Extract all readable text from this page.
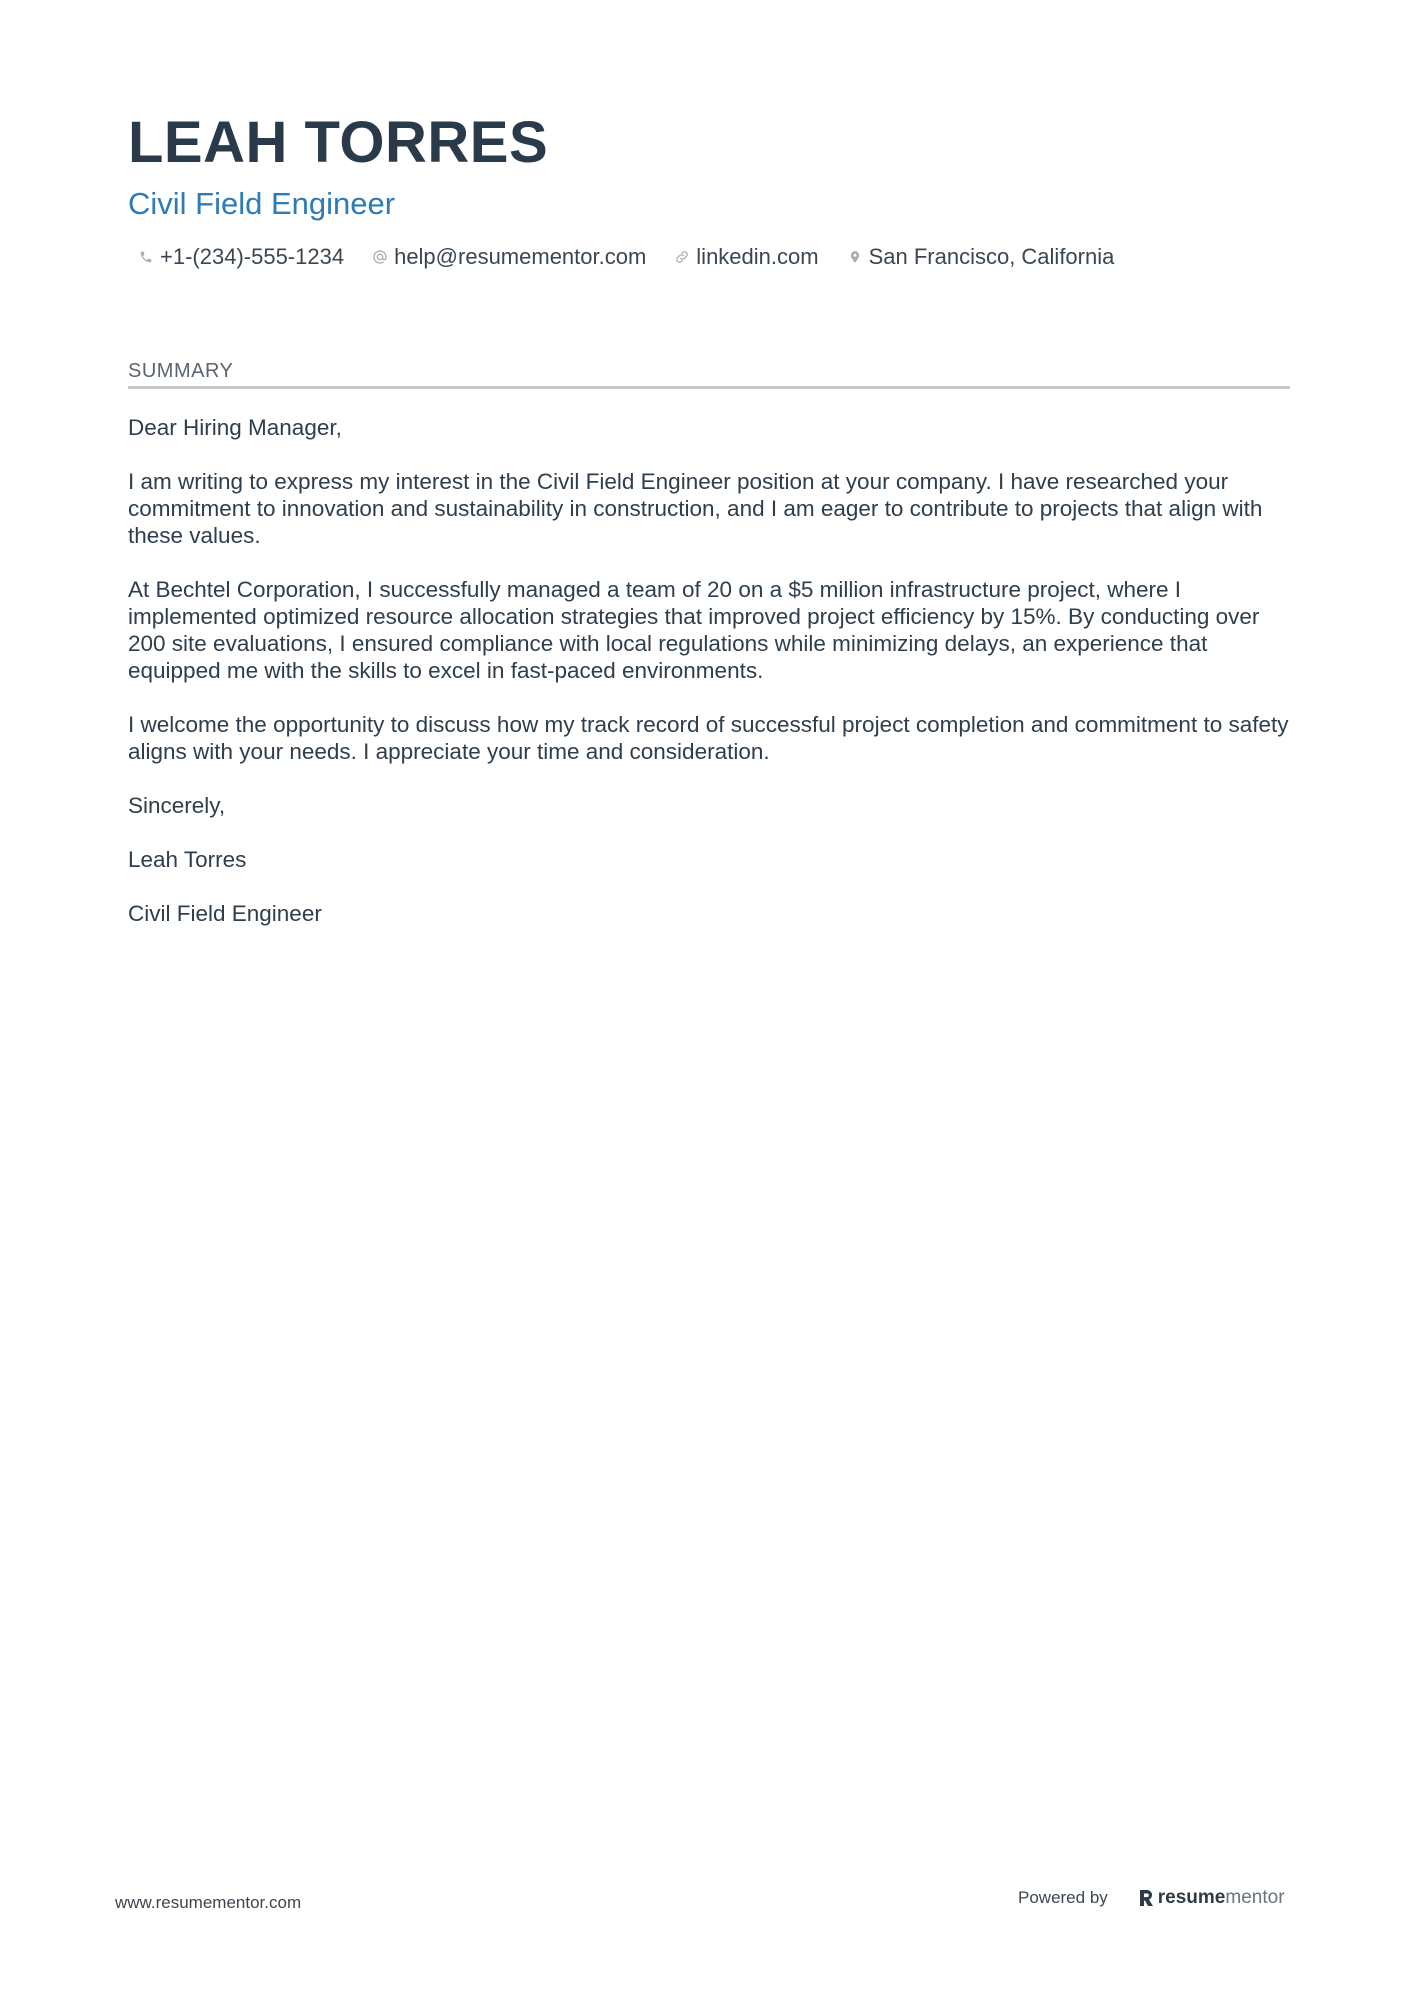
LEAH TORRES
Civil Field Engineer
+1-(234)-555-1234 help@resumementor.com linkedin.com San Francisco, California
SUMMARY

Dear Hiring Manager,

I am writing to express my interest in the Civil Field Engineer position at your company. I have researched your commitment to innovation and sustainability in construction, and I am eager to contribute to projects that align with these values.

At Bechtel Corporation, I successfully managed a team of 20 on a $5 million infrastructure project, where I implemented optimized resource allocation strategies that improved project efficiency by 15%. By conducting over 200 site evaluations, I ensured compliance with local regulations while minimizing delays, an experience that equipped me with the skills to excel in fast-paced environments.

I welcome the opportunity to discuss how my track record of successful project completion and commitment to safety aligns with your needs. I appreciate your time and consideration.

Sincerely,

Leah Torres

Civil Field Engineer

www.resumementor.com	Powered by	resume mentor
